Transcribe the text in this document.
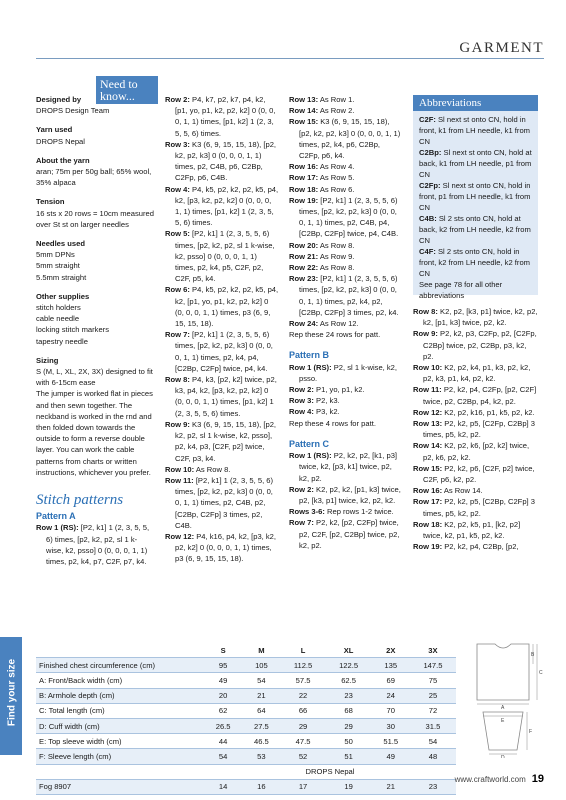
GARMENT
Need to know...

Designed by

DROPS Design Team

Yarn used

DROPS Nepal

About the yarn

aran; 75m per 50g ball; 65% wool, 35% alpaca

Tension

16 sts x 20 rows = 10cm measured over St st on larger needles

Needles used

5mm DPNs

5mm straight

5.5mm straight

Other supplies

stitch holders

cable needle

locking stitch markers

tapestry needle

Sizing

S (M, L, XL, 2X, 3X) designed to fit with 6-15cm ease

The jumper is worked flat in pieces and then sewn together. The neckband is worked in the rnd and then folded down towards the outside to form a reverse double layer. You can work the cable patterns from charts or written instructions, whichever you prefer.

Stitch patterns
Pattern A

Row 1 (RS): [P2, k1] 1 (2, 3, 5, 5, 6) times, [p2, k2, p2, sl 1 k-wise, k2, psso] 0 (0, 0, 0, 1, 1) times, p2, k4, p7, C2F, p7, k4.

Row 2: P4, k7, p2, k7, p4, k2, [p1, yo, p1, k2, p2, k2] 0 (0, 0, 0, 1, 1) times, [p1, k2] 1 (2, 3, 5, 5, 6) times.

Row 3: K3 (6, 9, 15, 15, 18), [p2, k2, p2, k3] 0 (0, 0, 0, 1, 1) times, p2, C4B, p6, C2Bp, C2Fp, p6, C4B.

Row 4: P4, k5, p2, k2, p2, k5, p4, k2, [p3, k2, p2, k2] 0 (0, 0, 0, 1, 1) times, [p1, k2] 1 (2, 3, 5, 5, 6) times.

Row 5: [P2, k1] 1 (2, 3, 5, 5, 6) times, [p2, k2, p2, sl 1 k-wise, k2, psso] 0 (0, 0, 0, 1, 1) times, p2, k4, p5, C2F, p2, C2F, p5, k4.

Row 6: P4, k5, p2, k2, p2, k5, p4, k2, [p1, yo, p1, k2, p2, k2] 0 (0, 0, 0, 1, 1) times, p3 (6, 9, 15, 15, 18).

Row 7: [P2, k1] 1 (2, 3, 5, 5, 6) times, [p2, k2, p2, k3] 0 (0, 0, 0, 1, 1) times, p2, k4, p4, [C2Bp, C2Fp] twice, p4, k4.

Row 8: P4, k3, [p2, k2] twice, p2, k3, p4, k2, [p3, k2, p2, k2] 0 (0, 0, 0, 1, 1) times, [p1, k2] 1 (2, 3, 5, 5, 6) times.

Row 9: K3 (6, 9, 15, 15, 18), [p2, k2, p2, sl 1 k-wise, k2, psso], p2, k4, p3, [C2F, p2] twice, C2F, p3, k4.

Row 10: As Row 8.

Row 11: [P2, k1] 1 (2, 3, 5, 5, 6) times, [p2, k2, p2, k3] 0 (0, 0, 0, 1, 1) times, p2, C4B, p2, [C2Bp, C2Fp] 3 times, p2, C4B.

Row 12: P4, k16, p4, k2, [p3, k2, p2, k2] 0 (0, 0, 0, 1, 1) times, p3 (6, 9, 15, 15, 18).

Row 13: As Row 1.

Row 14: As Row 2.

Row 15: K3 (6, 9, 15, 15, 18), [p2, k2, p2, k3] 0 (0, 0, 0, 1, 1) times, p2, k4, p6, C2Bp, C2Fp, p6, k4.

Row 16: As Row 4.

Row 17: As Row 5.

Row 18: As Row 6.

Row 19: [P2, k1] 1 (2, 3, 5, 5, 6) times, [p2, k2, p2, k3] 0 (0, 0, 0, 1, 1) times, p2, C4B, p4, [C2Bp, C2Fp] twice, p4, C4B.

Row 20: As Row 8.

Row 21: As Row 9.

Row 22: As Row 8.

Row 23: [P2, k1] 1 (2, 3, 5, 5, 6) times, [p2, k2, p2, k3] 0 (0, 0, 0, 1, 1) times, p2, k4, p2, [C2Bp, C2Fp] 3 times, p2, k4.

Row 24: As Row 12.

Rep these 24 rows for patt.

Pattern B

Row 1 (RS): P2, sl 1 k-wise, k2, psso.

Row 2: P1, yo, p1, k2.

Row 3: P2, k3.

Row 4: P3, k2.

Rep these 4 rows for patt.

Pattern C

Row 1 (RS): P2, k2, p2, [k1, p3] twice, k2, [p3, k1] twice, p2, k2, p2.

Row 2: K2, p2, k2, [p1, k3] twice, p2, [k3, p1] twice, k2, p2, k2.

Rows 3-6: Rep rows 1-2 twice.

Row 7: P2, k2, [p2, C2Fp] twice, p2, C2F, [p2, C2Bp] twice, p2, k2, p2.

Abbreviations

C2F: Sl next st onto CN, hold in front, k1 from LH needle, k1 from CN

C2Bp: Sl next st onto CN, hold at back, k1 from LH needle, p1 from CN

C2Fp: Sl next st onto CN, hold in front, p1 from LH needle, k1 from CN

C4B: Sl 2 sts onto CN, hold at back, k2 from LH needle, k2 from CN

C4F: Sl 2 sts onto CN, hold in front, k2 from LH needle, k2 from CN

See page 78 for all other abbreviations

Row 8: K2, p2, [k3, p1] twice, k2, p2, k2, [p1, k3] twice, p2, k2.

Row 9: P2, k2, p3, C2Fp, p2, [C2Fp, C2Bp] twice, p2, C2Bp, p3, k2, p2.

Row 10: K2, p2, k4, p1, k3, p2, k2, p2, k3, p1, k4, p2, k2.

Row 11: P2, k2, p4, C2Fp, [p2, C2F] twice, p2, C2Bp, p4, k2, p2.

Row 12: K2, p2, k16, p1, k5, p2, k2.

Row 13: P2, k2, p5, [C2Fp, C2Bp] 3 times, p5, k2, p2.

Row 14: K2, p2, k6, [p2, k2] twice, p2, k6, p2, k2.

Row 15: P2, k2, p6, [C2F, p2] twice, C2F, p6, k2, p2.

Row 16: As Row 14.

Row 17: P2, k2, p5, [C2Bp, C2Fp] 3 times, p5, k2, p2.

Row 18: K2, p2, k5, p1, [k2, p2] twice, k2, p1, k5, p2, k2.

Row 19: P2, k2, p4, C2Bp, [p2,

Find your size
	S	M	L	XL	2X	3X
Finished chest circumference (cm)	95	105	112.5	122.5	135	147.5
A: Front/Back width (cm)	49	54	57.5	62.5	69	75
B: Armhole depth (cm)	20	21	22	23	24	25
C: Total length (cm)	62	64	66	68	70	72
D: Cuff width (cm)	26.5	27.5	29	29	30	31.5
E: Top sleeve width (cm)	44	46.5	47.5	50	51.5	54
F: Sleeve length (cm)	54	53	52	51	49	48
	DROPS Nepal					
Fog 8907	14	16	17	19	21	23
B
C
A
E
D
F
www.craftworld.com 19
